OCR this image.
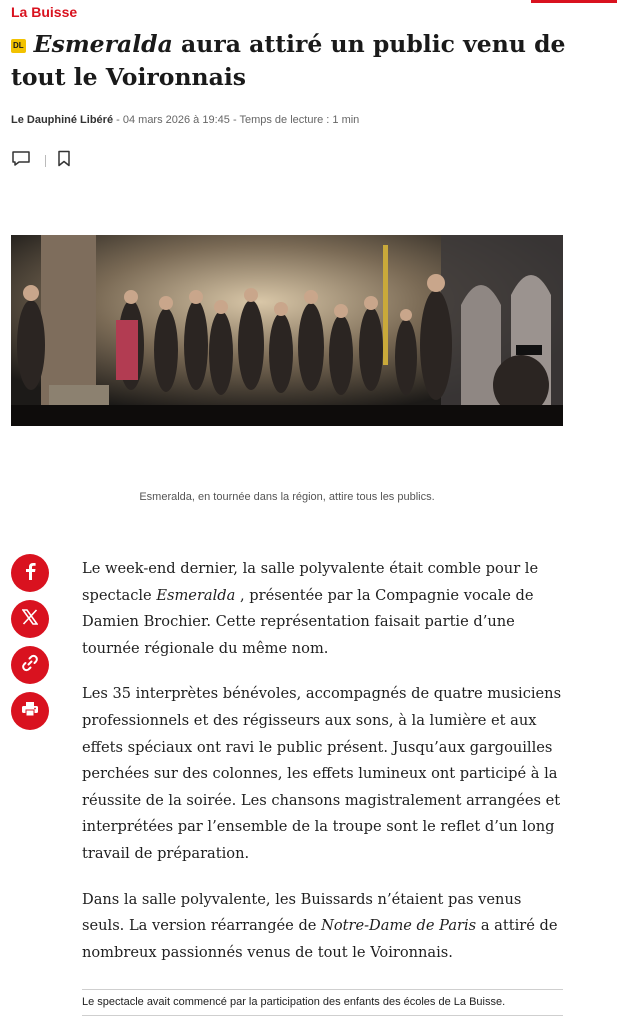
La Buisse
DL Esmeralda aura attiré un public venu de tout le Voironnais
Le Dauphiné Libéré - 04 mars 2026 à 19:45 - Temps de lecture : 1 min
Esmeralda, en tournée dans la région, attire tous les publics.

Le week-end dernier, la salle polyvalente était comble pour le spectacle Esmeralda , présentée par la Compagnie vocale de Damien Brochier. Cette représentation faisait partie d’une tournée régionale du même nom.

Les 35 interprètes bénévoles, accompagnés de quatre musiciens professionnels et des régisseurs aux sons, à la lumière et aux effets spéciaux ont ravi le public présent. Jusqu’aux gargouilles perchées sur des colonnes, les effets lumineux ont participé à la réussite de la soirée. Les chansons magistralement arrangées et interprétées par l’ensemble de la troupe sont le reflet d’un long travail de préparation.

Dans la salle polyvalente, les Buissards n’étaient pas venus seuls. La version réarrangée de Notre-Dame de Paris a attiré de nombreux passionnés venus de tout le Voironnais.

Le spectacle avait commencé par la participation des enfants des écoles de La Buisse.
